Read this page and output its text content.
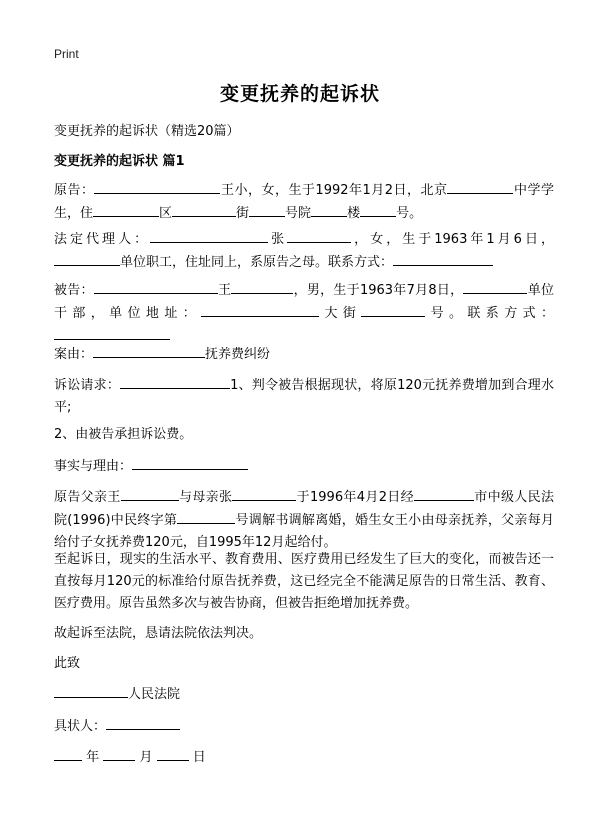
Print
变更抚养的起诉状
变更抚养的起诉状（精选20篇）
变更抚养的起诉状 篇1
原告：	王小，女，生于1992年1月2日，北京	中学学生，住	区	街	号院	楼	号。
法定代理人：	张	，女，生于1963年1月6日，单位职工，住址同上，系原告之母。联系方式：
被告：	王	，男，生于1963年7月8日，	单位干部，单位地址：	大街	号。联系方式：
案由：	抚养费纠纷
诉讼请求：	1、判令被告根据现状，将原120元抚养费增加到合理水平;
2、由被告承担诉讼费。
事实与理由：
原告父亲王	与母亲张	于1996年4月2日经	市中级人民法院(1996)中民终字第	号调解书调解离婚，婚生女王小由母亲抚养，父亲每月给付子女抚养费120元，自1995年12月起给付。
至起诉日，现实的生活水平、教育费用、医疗费用已经发生了巨大的变化，而被告还一直按每月120元的标准给付原告抚养费，这已经完全不能满足原告的日常生活、教育、医疗费用。原告虽然多次与被告协商，但被告拒绝增加抚养费。
故起诉至法院，恳请法院依法判决。
此致
人民法院
具状人：
年	月	日
